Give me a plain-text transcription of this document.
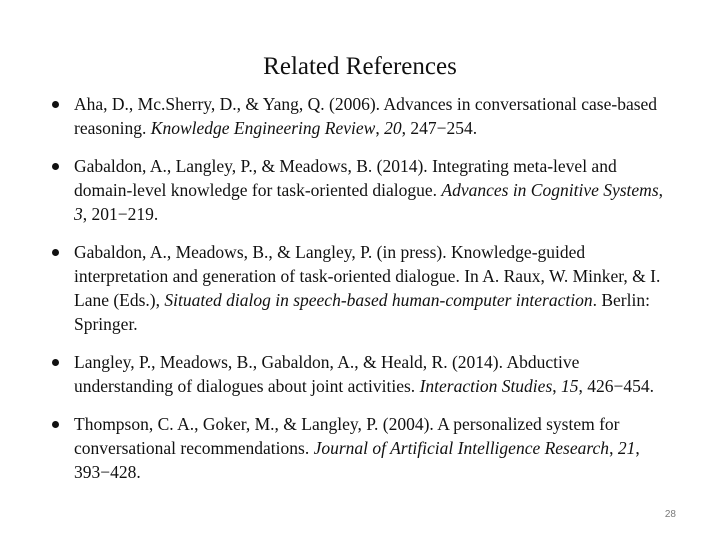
Related References
Aha, D., Mc.Sherry, D., & Yang, Q. (2006). Advances in conversational case-based reasoning. Knowledge Engineering Review, 20, 247−254.
Gabaldon, A., Langley, P., & Meadows, B. (2014). Integrating meta-level and domain-level knowledge for task-oriented dialogue. Advances in Cognitive Systems, 3, 201−219.
Gabaldon, A., Meadows, B., & Langley, P. (in press). Knowledge-guided interpretation and generation of task-oriented dialogue. In A. Raux, W. Minker, & I. Lane (Eds.), Situated dialog in speech-based human-computer interaction. Berlin: Springer.
Langley, P., Meadows, B., Gabaldon, A., & Heald, R. (2014). Abductive understanding of dialogues about joint activities. Interaction Studies, 15, 426−454.
Thompson, C. A., Goker, M., & Langley, P. (2004). A personalized system for conversational recommendations. Journal of Artificial Intelligence Research, 21, 393−428.
28
